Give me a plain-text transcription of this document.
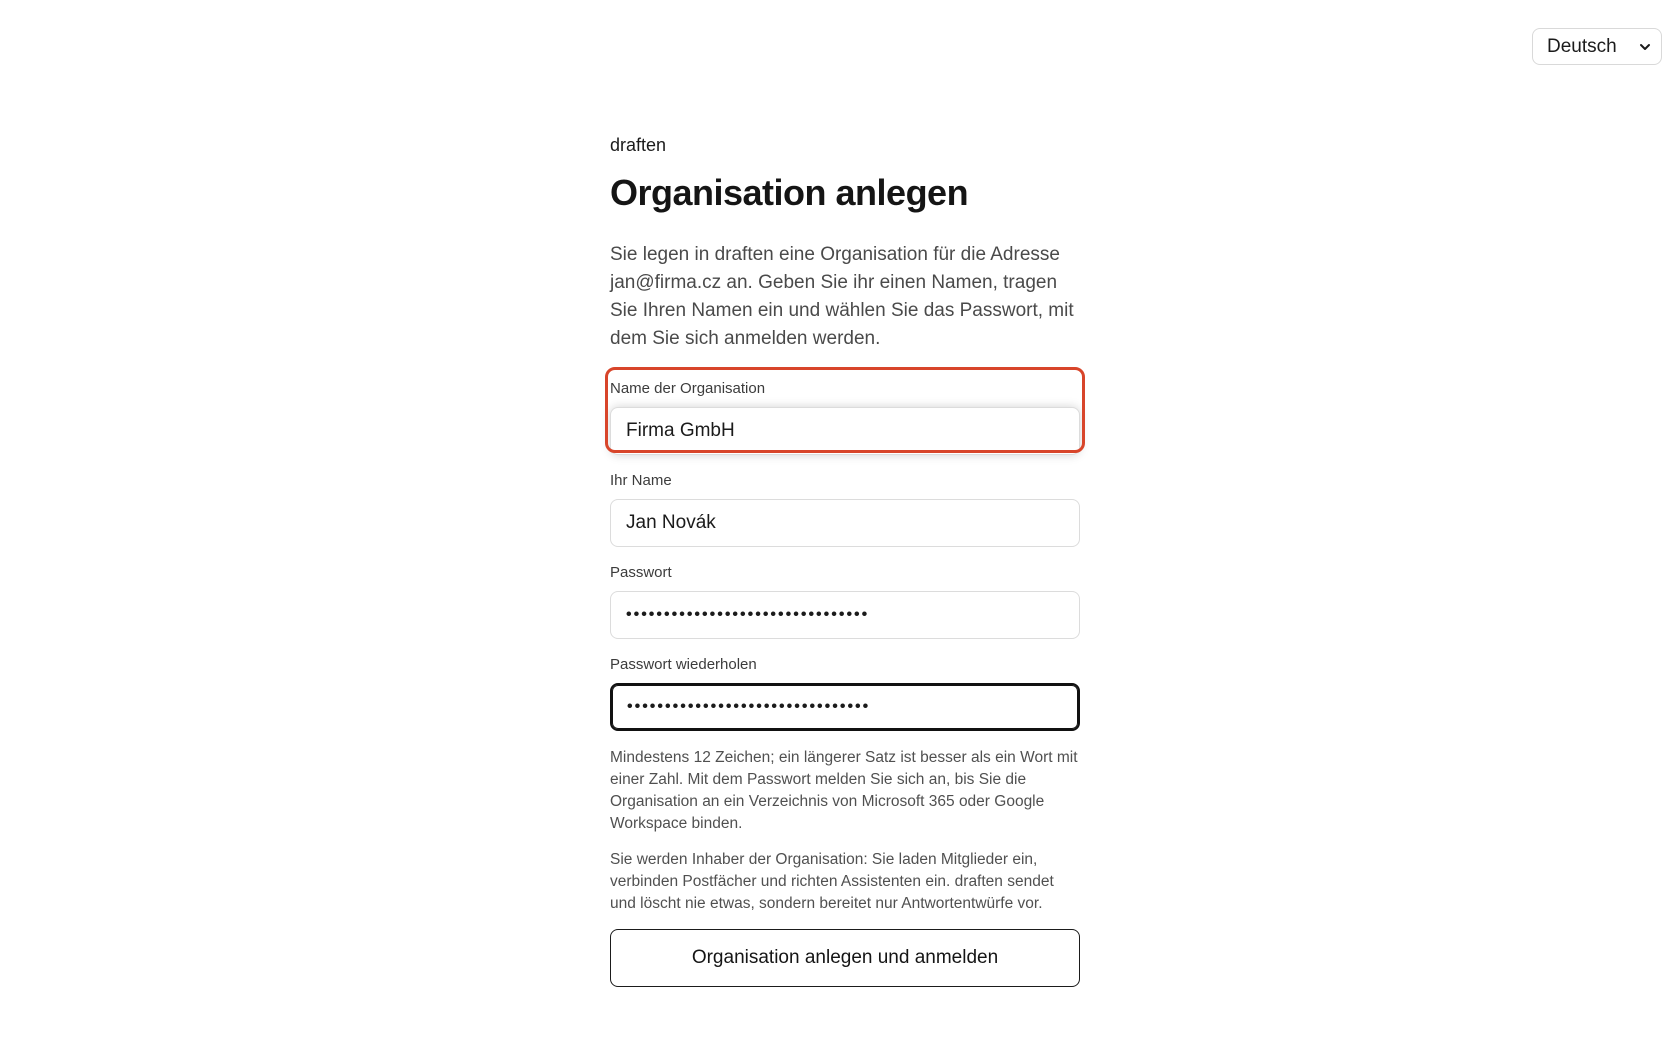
Deutsch

draften

Organisation anlegen

Sie legen in draften eine Organisation für die Adresse jan@firma.cz an. Geben Sie ihr einen Namen, tragen Sie Ihren Namen ein und wählen Sie das Passwort, mit dem Sie sich anmelden werden.

Name der Organisation
Firma GmbH
Ihr Name
Jan Novák
Passwort
••••••••••••••••••••••••••••••••
Passwort wiederholen
••••••••••••••••••••••••••••••••

Mindestens 12 Zeichen; ein längerer Satz ist besser als ein Wort mit einer Zahl. Mit dem Passwort melden Sie sich an, bis Sie die Organisation an ein Verzeichnis von Microsoft 365 oder Google Workspace binden.

Sie werden Inhaber der Organisation: Sie laden Mitglieder ein, verbinden Postfächer und richten Assistenten ein. draften sendet und löscht nie etwas, sondern bereitet nur Antwortentwürfe vor.

Organisation anlegen und anmelden
